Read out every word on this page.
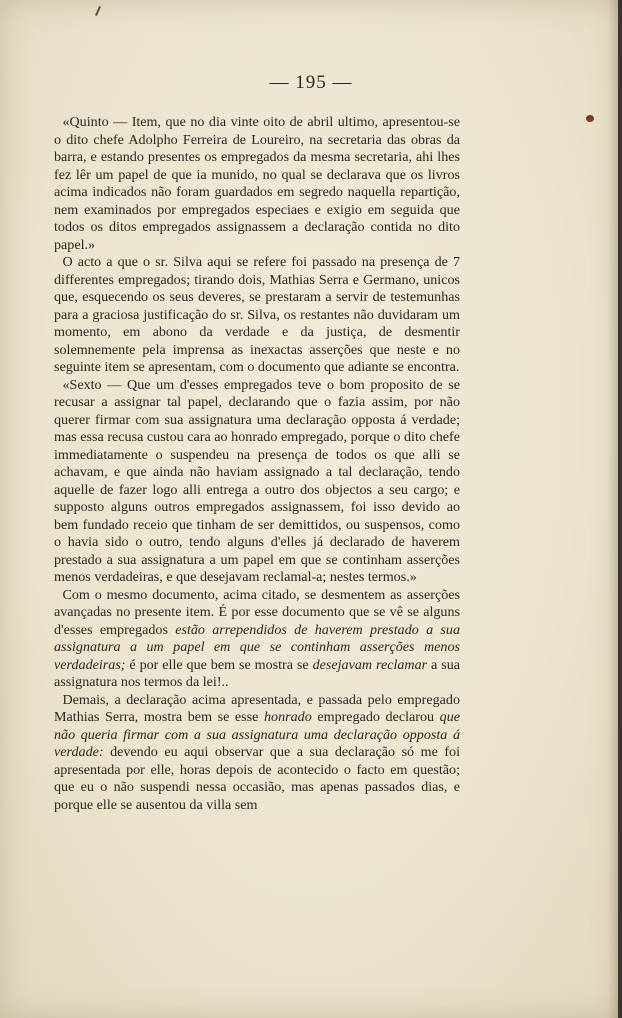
— 195 —

«Quinto — Item, que no dia vinte oito de abril ultimo, apresentou-se o dito chefe Adolpho Ferreira de Loureiro, na secretaria das obras da barra, e estando presentes os empregados da mesma secretaria, ahi lhes fez lêr um papel de que ia munido, no qual se declarava que os livros acima indicados não foram guardados em segredo naquella repartição, nem examinados por empregados especiaes e exigio em seguida que todos os ditos empregados assignassem a declaração contida no dito papel.»

O acto a que o sr. Silva aqui se refere foi passado na presença de 7 differentes empregados; tirando dois, Mathias Serra e Germano, unicos que, esquecendo os seus deveres, se prestaram a servir de testemunhas para a graciosa justificação do sr. Silva, os restantes não duvidaram um momento, em abono da verdade e da justiça, de desmentir solemnemente pela imprensa as inexactas asserções que neste e no seguinte item se apresentam, com o documento que adiante se encontra.

«Sexto — Que um d'esses empregados teve o bom proposito de se recusar a assignar tal papel, declarando que o fazia assim, por não querer firmar com sua assignatura uma declaração opposta á verdade; mas essa recusa custou cara ao honrado empregado, porque o dito chefe immediatamente o suspendeu na presença de todos os que alli se achavam, e que ainda não haviam assignado a tal declaração, tendo aquelle de fazer logo alli entrega a outro dos objectos a seu cargo; e supposto alguns outros empregados assignassem, foi isso devido ao bem fundado receio que tinham de ser demittidos, ou suspensos, como o havia sido o outro, tendo alguns d'elles já declarado de haverem prestado a sua assignatura a um papel em que se continham asserções menos verdadeiras, e que desejavam reclamal-a; nestes termos.»

Com o mesmo documento, acima citado, se desmentem as asserções avançadas no presente item. É por esse documento que se vê se alguns d'esses empregados estão arrependidos de haverem prestado a sua assignatura a um papel em que se continham asserções menos verdadeiras; é por elle que bem se mostra se desejavam reclamar a sua assignatura nos termos da lei!..

Demais, a declaração acima apresentada, e passada pelo empregado Mathias Serra, mostra bem se esse honrado empregado declarou que não queria firmar com a sua assignatura uma declaração opposta á verdade: devendo eu aqui observar que a sua declaração só me foi apresentada por elle, horas depois de acontecido o facto em questão; que eu o não suspendi nessa occasião, mas apenas passados dias, e porque elle se ausentou da villa sem
